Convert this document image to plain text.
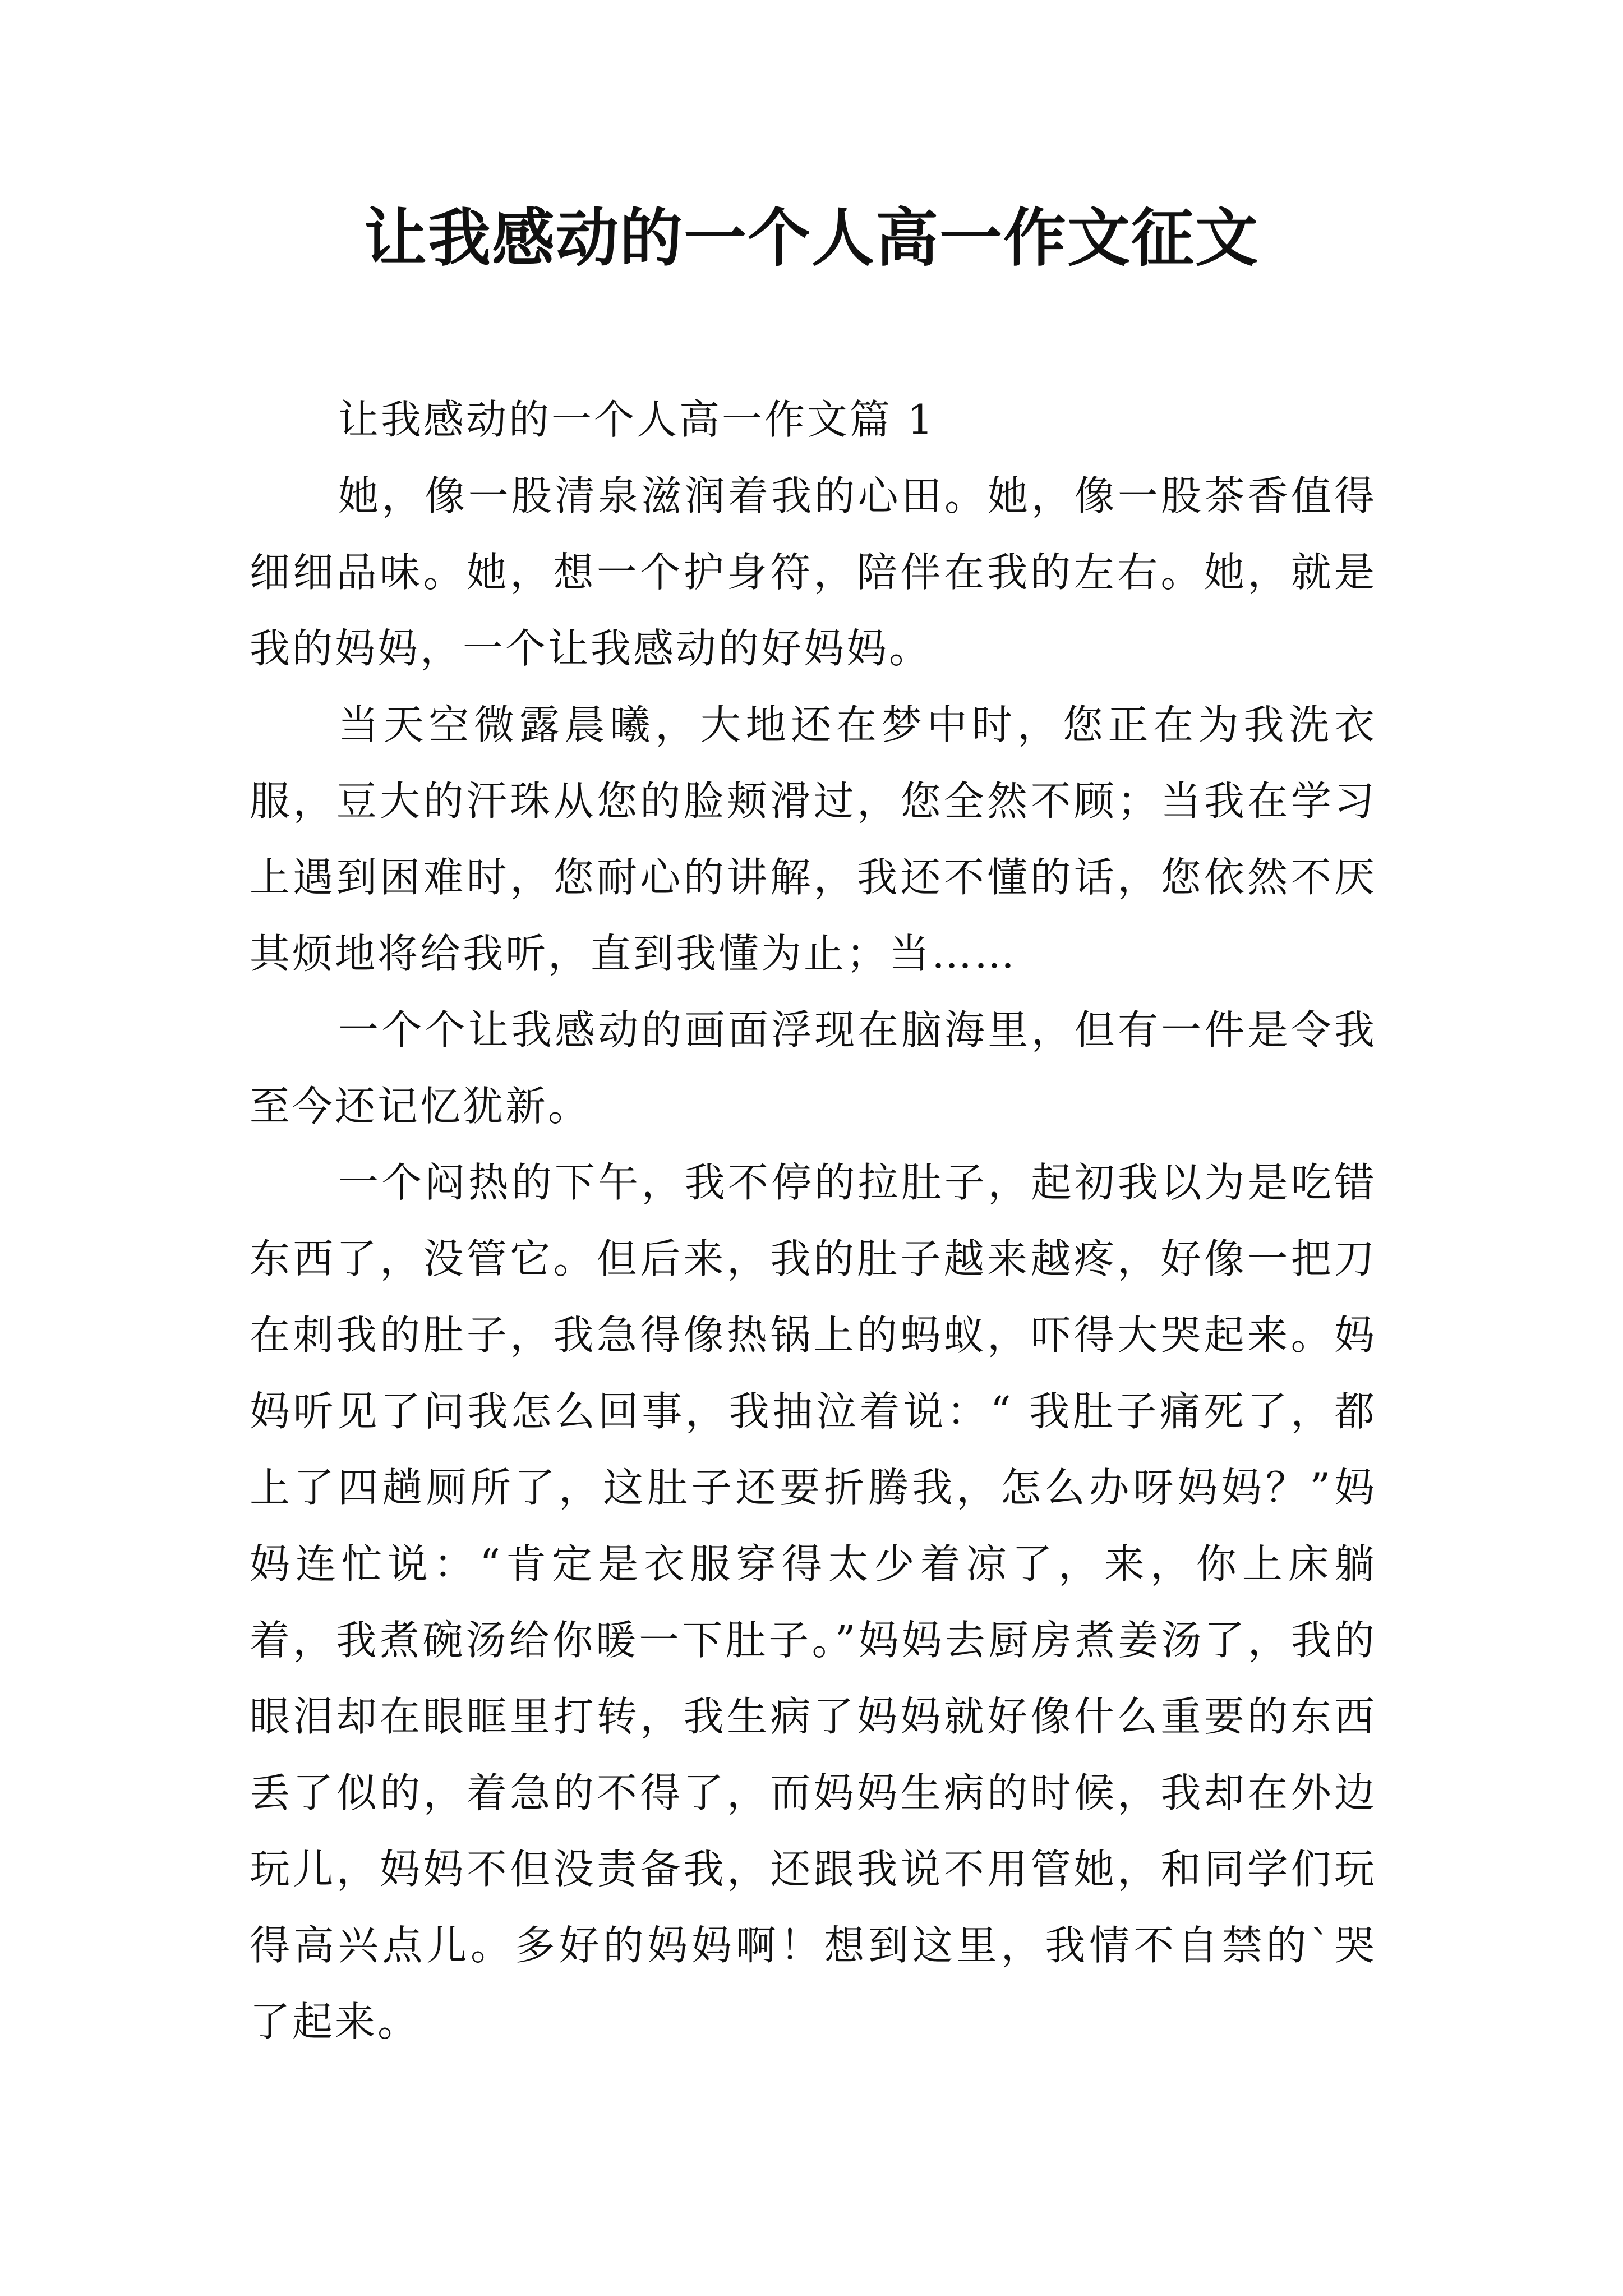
让我感动的一个人高一作文征文

让我感动的一个人高一作文篇 1

她，像一股清泉滋润着我的心田。她，像一股茶香值得细细品味。她，想一个护身符，陪伴在我的左右。她，就是我的妈妈，一个让我感动的好妈妈。

当天空微露晨曦，大地还在梦中时，您正在为我洗衣服，豆大的汗珠从您的脸颊滑过，您全然不顾；当我在学习上遇到困难时，您耐心的讲解，我还不懂的话，您依然不厌其烦地将给我听，直到我懂为止；当……

一个个让我感动的画面浮现在脑海里，但有一件是令我至今还记忆犹新。

一个闷热的下午，我不停的拉肚子，起初我以为是吃错东西了，没管它。但后来，我的肚子越来越疼，好像一把刀在刺我的肚子，我急得像热锅上的蚂蚁，吓得大哭起来。妈妈听见了问我怎么回事，我抽泣着说：“ 我肚子痛死了，都上了四趟厕所了，这肚子还要折腾我，怎么办呀妈妈？”妈妈连忙说：“肯定是衣服穿得太少着凉了，来，你上床躺着，我煮碗汤给你暖一下肚子。”妈妈去厨房煮姜汤了，我的眼泪却在眼眶里打转，我生病了妈妈就好像什么重要的东西丢了似的，着急的不得了，而妈妈生病的时候，我却在外边玩儿，妈妈不但没责备我，还跟我说不用管她，和同学们玩得高兴点儿。多好的妈妈啊！想到这里，我情不自禁的`哭了起来。
